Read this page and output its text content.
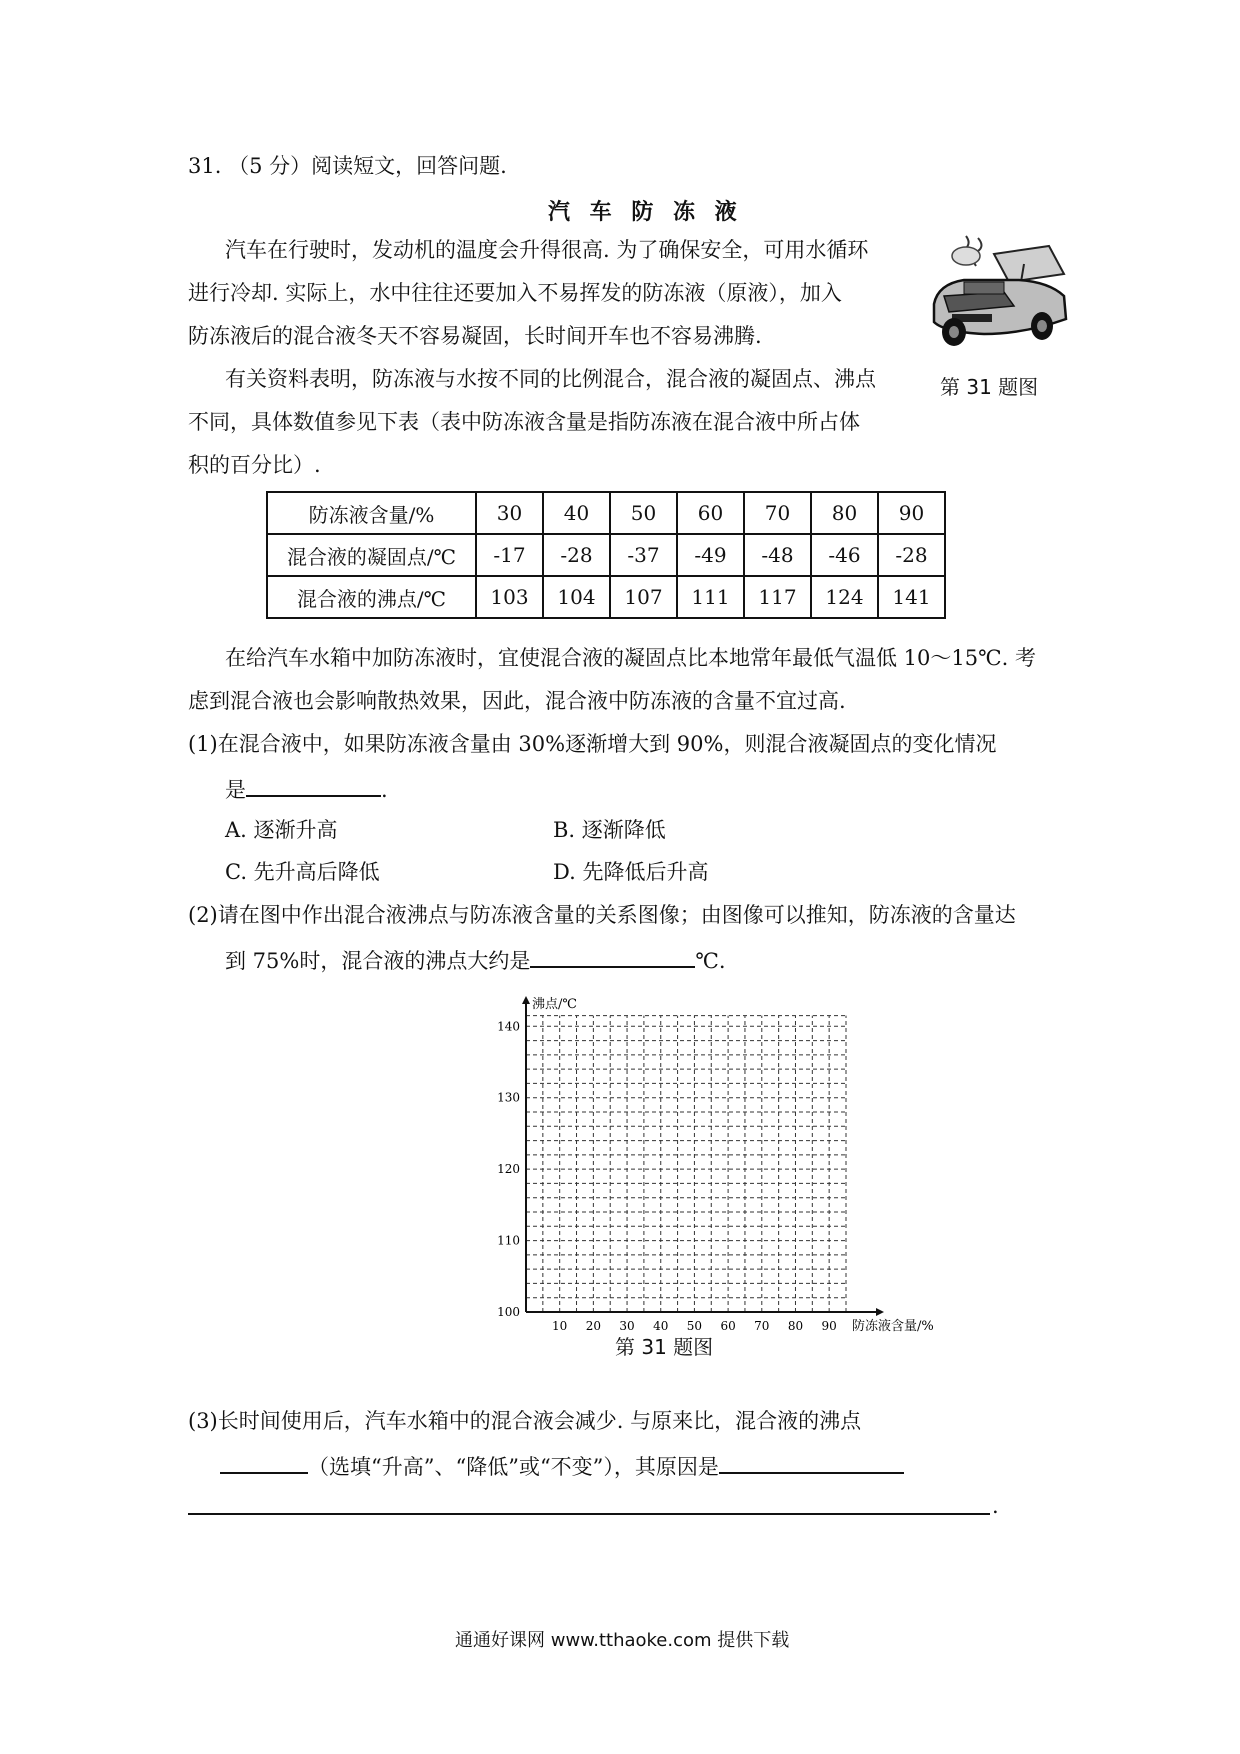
31. （5 分）阅读短文，回答问题.
汽 车 防 冻 液
汽车在行驶时，发动机的温度会升得很高. 为了确保安全，可用水循环
进行冷却. 实际上，水中往往还要加入不易挥发的防冻液（原液），加入
防冻液后的混合液冬天不容易凝固，长时间开车也不容易沸腾.
第 31 题图
有关资料表明，防冻液与水按不同的比例混合，混合液的凝固点、沸点
不同，具体数值参见下表（表中防冻液含量是指防冻液在混合液中所占体
积的百分比）.
防冻液含量/%	30	40	50	60	70	80	90
混合液的凝固点/℃	-17	-28	-37	-49	-48	-46	-28
混合液的沸点/℃	103	104	107	111	117	124	141
在给汽车水箱中加防冻液时，宜使混合液的凝固点比本地常年最低气温低 10～15℃. 考
虑到混合液也会影响散热效果，因此，混合液中防冻液的含量不宜过高.
(1)在混合液中，如果防冻液含量由 30%逐渐增大到 90%，则混合液凝固点的变化情况
是	.
A. 逐渐升高	B. 逐渐降低
C. 先升高后降低	D. 先降低后升高
(2)请在图中作出混合液沸点与防冻液含量的关系图像；由图像可以推知，防冻液的含量达
到 75%时，混合液的沸点大约是	℃.
10 20 30 40 50 60 70 80 90
100
110
120
130
140
沸点/℃
防冻液含量/%
第 31 题图
(3)长时间使用后，汽车水箱中的混合液会减少. 与原来比，混合液的沸点
（选填“升高”、“降低”或“不变”），其原因是
.
通通好课网 www.tthaoke.com 提供下载
